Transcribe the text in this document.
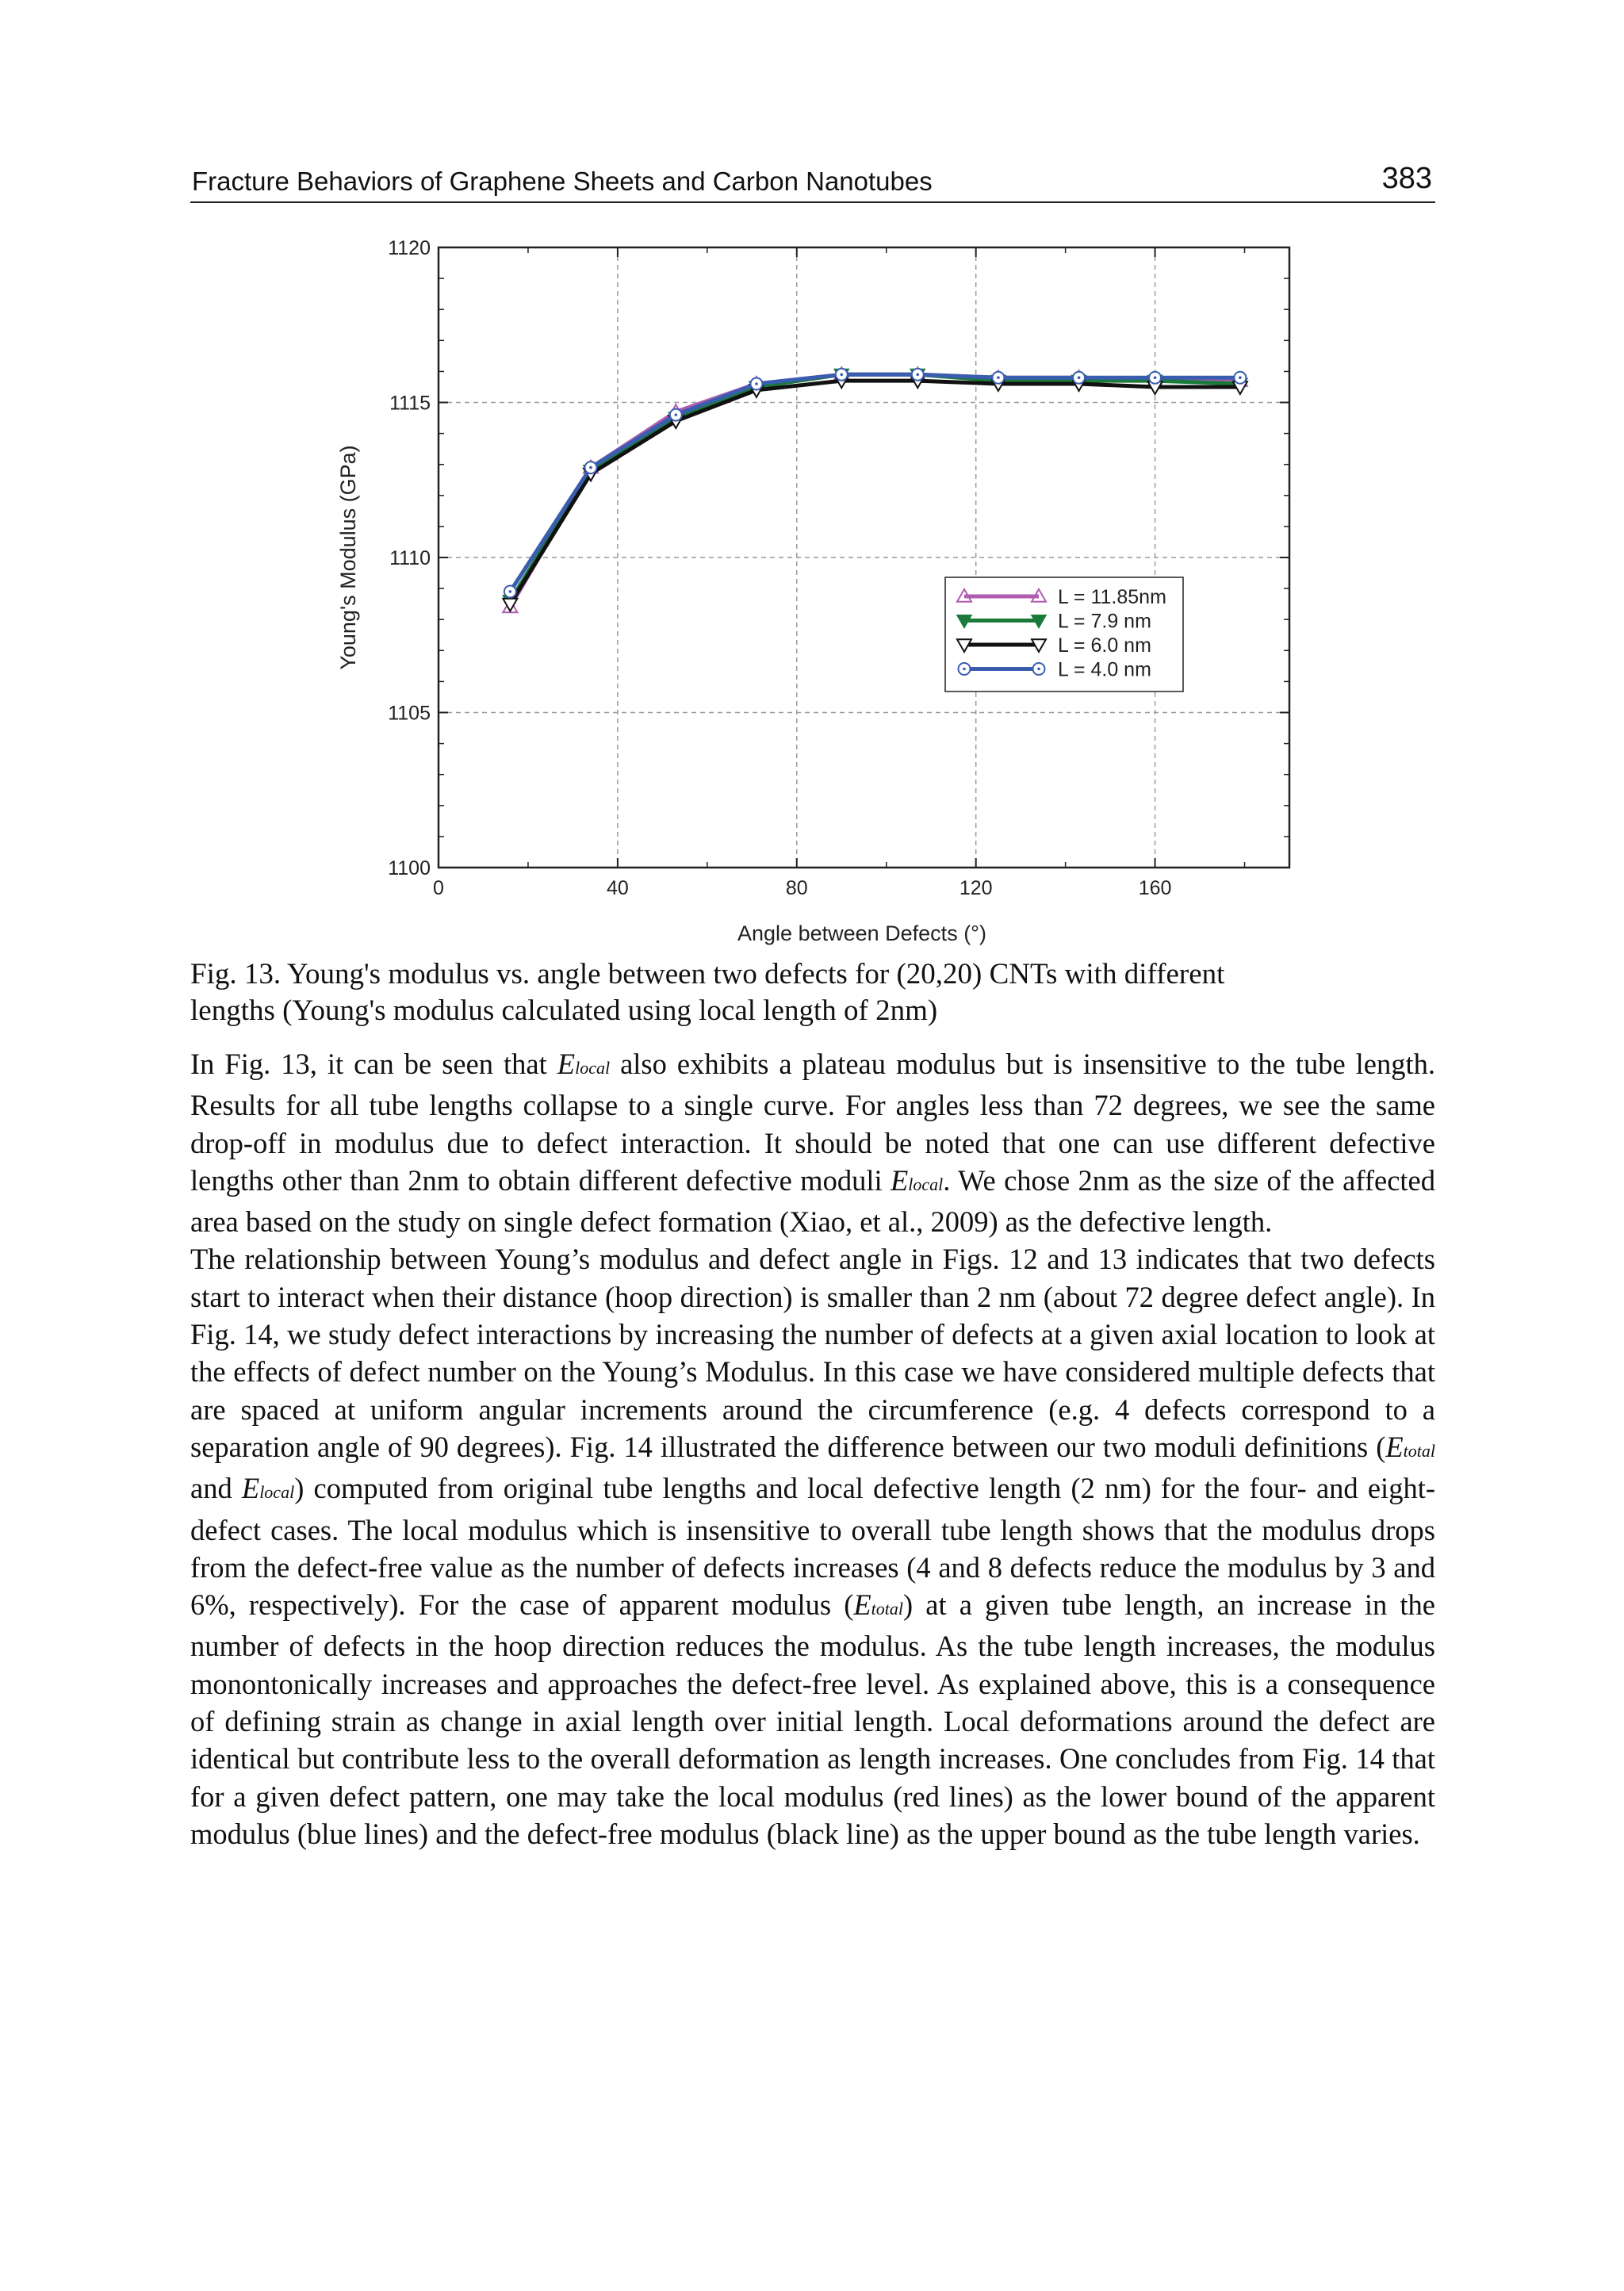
Fracture Behaviors of Graphene Sheets and Carbon Nanotubes	383
0	40	80	120	160
1100
1105
1110
1115
1120
Young's Modulus (GPa)
Angle between Defects (°)
L = 11.85nm
L = 7.9 nm
L = 6.0 nm
L = 4.0 nm
Fig. 13. Young's modulus vs. angle between two defects for (20,20) CNTs with different
lengths (Young's modulus calculated using local length of 2nm)

In Fig. 13, it can be seen that Elocal also exhibits a plateau modulus but is insensitive to the tube length. Results for all tube lengths collapse to a single curve. For angles less than 72 degrees, we see the same drop-off in modulus due to defect interaction. It should be noted that one can use different defective lengths other than 2nm to obtain different defective moduli Elocal. We chose 2nm as the size of the affected area based on the study on single defect formation (Xiao, et al., 2009) as the defective length.

The relationship between Young’s modulus and defect angle in Figs. 12 and 13 indicates that two defects start to interact when their distance (hoop direction) is smaller than 2 nm (about 72 degree defect angle). In Fig. 14, we study defect interactions by increasing the number of defects at a given axial location to look at the effects of defect number on the Young’s Modulus. In this case we have considered multiple defects that are spaced at uniform angular increments around the circumference (e.g. 4 defects correspond to a separation angle of 90 degrees). Fig. 14 illustrated the difference between our two moduli definitions (Etotal and Elocal) computed from original tube lengths and local defective length (2 nm) for the four- and eight-defect cases. The local modulus which is insensitive to overall tube length shows that the modulus drops from the defect-free value as the number of defects increases (4 and 8 defects reduce the modulus by 3 and 6%, respectively). For the case of apparent modulus (Etotal) at a given tube length, an increase in the number of defects in the hoop direction reduces the modulus. As the tube length increases, the modulus monontonically increases and approaches the defect-free level. As explained above, this is a consequence of defining strain as change in axial length over initial length. Local deformations around the defect are identical but contribute less to the overall deformation as length increases. One concludes from Fig. 14 that for a given defect pattern, one may take the local modulus (red lines) as the lower bound of the apparent modulus (blue lines) and the defect-free modulus (black line) as the upper bound as the tube length varies.
